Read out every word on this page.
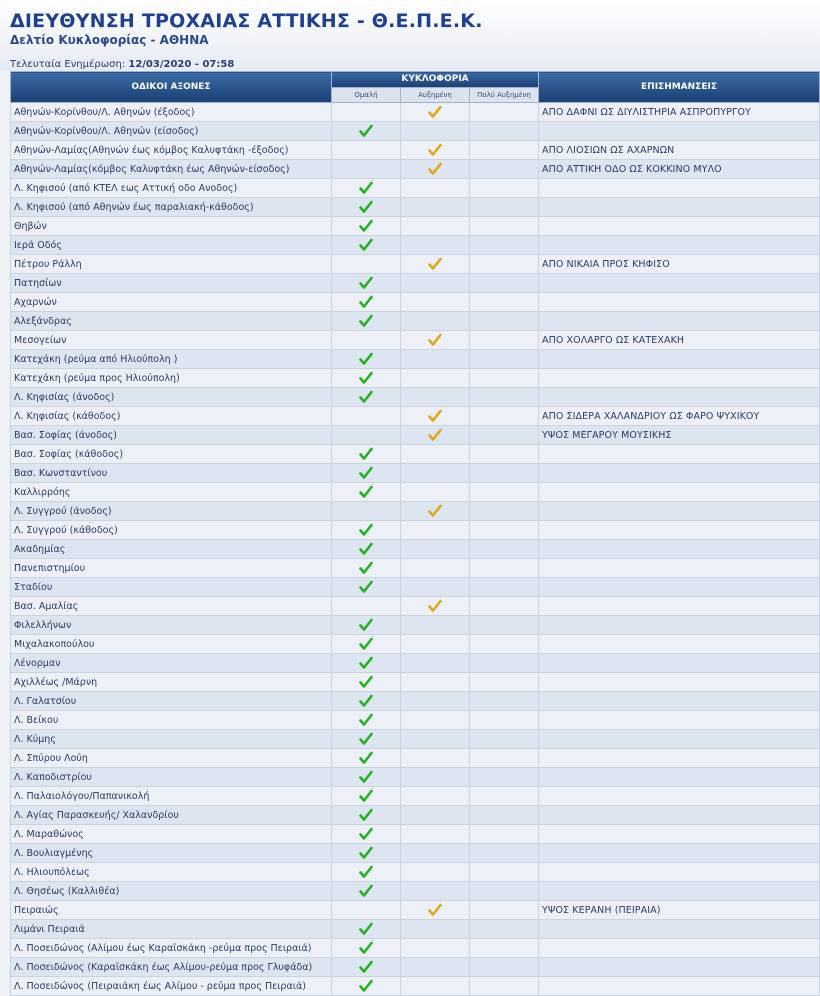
ΔΙΕΥΘΥΝΣΗ ΤΡΟΧΑΙΑΣ ΑΤΤΙΚΗΣ - Θ.Ε.Π.Ε.Κ.
Δελτίο Κυκλοφορίας - ΑΘΗΝΑ
Τελευταία Ενημέρωση: 12/03/2020 - 07:58
ΟΔΙΚΟΙ ΑΞΟΝΕΣ	ΚΥΚΛΟΦΟΡΙΑ			ΕΠΙΣΗΜΑΝΣΕΙΣ
	Ομαλή	Αυξημένη	Πολύ Αυξημένη	
Αθηνών-Κορίνθου/Λ. Αθηνών (έξοδος)				ΑΠΟ ΔΑΦΝΙ ΩΣ ΔΙΥΛΙΣΤΗΡΙΑ ΑΣΠΡΟΠΥΡΓΟΥ
Αθηνών-Κορίνθου/Λ. Αθηνών (είσοδος)				
Αθηνών-Λαμίας(Αθηνών έως κόμβος Καλυφτάκη -έξοδος)				ΑΠΟ ΛΙΟΣΙΩΝ ΩΣ ΑΧΑΡΝΩΝ
Αθηνών-Λαμίας(κόμβος Καλυφτάκη έως Αθηνών-είσοδος)				ΑΠΟ ΑΤΤΙΚΗ ΟΔΟ ΩΣ ΚΟΚΚΙΝΟ ΜΥΛΟ
Λ. Κηφισού (από ΚΤΕΛ εως Αττική οδο Ανοδος)				
Λ. Κηφισού (από Αθηνών έως παραλιακή-κάθοδος)				
Θηβών				
Ιερά Οδός				
Πέτρου Ράλλη				ΑΠΟ ΝΙΚΑΙΑ ΠΡΟΣ ΚΗΦΙΣΟ
Πατησίων				
Αχαρνών				
Αλεξάνδρας				
Μεσογείων				ΑΠΟ ΧΟΛΑΡΓΟ ΩΣ ΚΑΤΕΧΑΚΗ
Κατεχάκη (ρεύμα από Ηλιούπολη )				
Κατεχάκη (ρεύμα προς Ηλιούπολη)				
Λ. Κηφισίας (άνοδος)				
Λ. Κηφισίας (κάθοδος)				ΑΠΟ ΣΙΔΕΡΑ ΧΑΛΑΝΔΡΙΟΥ ΩΣ ΦΑΡΟ ΨΥΧΙΚΟΥ
Βασ. Σοφίας (άνοδος)				ΥΨΟΣ ΜΕΓΑΡΟΥ ΜΟΥΣΙΚΗΣ
Βασ. Σοφίας (κάθοδος)				
Βασ. Κωνσταντίνου				
Καλλιρρόης				
Λ. Συγγρού (άνοδος)				
Λ. Συγγρού (κάθοδος)				
Ακαδημίας				
Πανεπιστημίου				
Σταδίου				
Βασ. Αμαλίας				
Φιλελλήνων				
Μιχαλακοπούλου				
Λένορμαν				
Αχιλλέως /Μάρνη				
Λ. Γαλατσίου				
Λ. Βείκου				
Λ. Κύμης				
Λ. Σπύρου Λούη				
Λ. Καποδιστρίου				
Λ. Παλαιολόγου/Παπανικολή				
Λ. Αγίας Παρασκευής/ Χαλανδρίου				
Λ. Μαραθώνος				
Λ. Βουλιαγμένης				
Λ. Ηλιουπόλεως				
Λ. Θησέως (Καλλιθέα)				
Πειραιώς				ΥΨΟΣ ΚΕΡΑΝΗ (ΠΕΙΡΑΙΑ)
Λιμάνι Πειραιά				
Λ. Ποσειδώνος (Αλίμου έως Καραϊσκάκη -ρεύμα προς Πειραιά)				
Λ. Ποσειδώνος (Καραϊσκάκη έως Αλίμου-ρεύμα προς Γλυφάδα)				
Λ. Ποσειδώνος (Πειραιάκη έως Αλίμου - ρεύμα προς Πειραιά)				
